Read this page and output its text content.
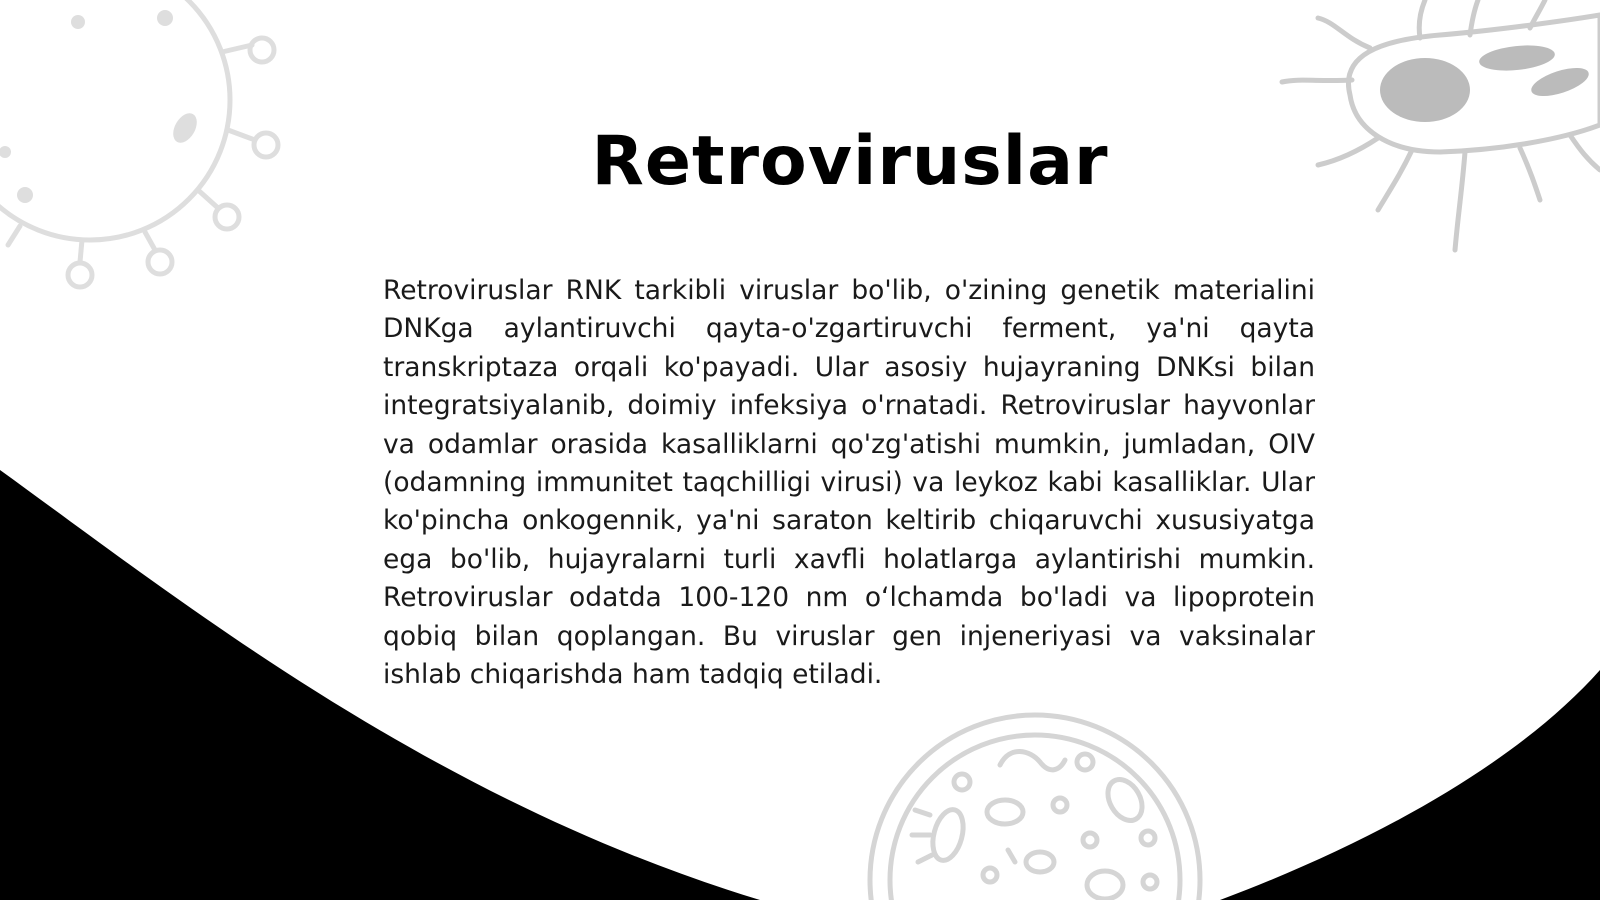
Retroviruslar

Retroviruslar RNK tarkibli viruslar bo'lib, o'zining genetik materialini DNKga aylantiruvchi qayta-o'zgartiruvchi ferment, ya'ni qayta transkriptaza orqali ko'payadi. Ular asosiy hujayraning DNKsi bilan integratsiyalanib, doimiy infeksiya o'rnatadi. Retroviruslar hayvonlar va odamlar orasida kasalliklarni qo'zg'atishi mumkin, jumladan, OIV (odamning immunitet taqchilligi virusi) va leykoz kabi kasalliklar. Ular ko'pincha onkogennik, ya'ni saraton keltirib chiqaruvchi xususiyatga ega bo'lib, hujayralarni turli xavfli holatlarga aylantirishi mumkin. Retroviruslar odatda 100-120 nm o‘lchamda bo'ladi va lipoprotein qobiq bilan qoplangan. Bu viruslar gen injeneriyasi va vaksinalar ishlab chiqarishda ham tadqiq etiladi.
